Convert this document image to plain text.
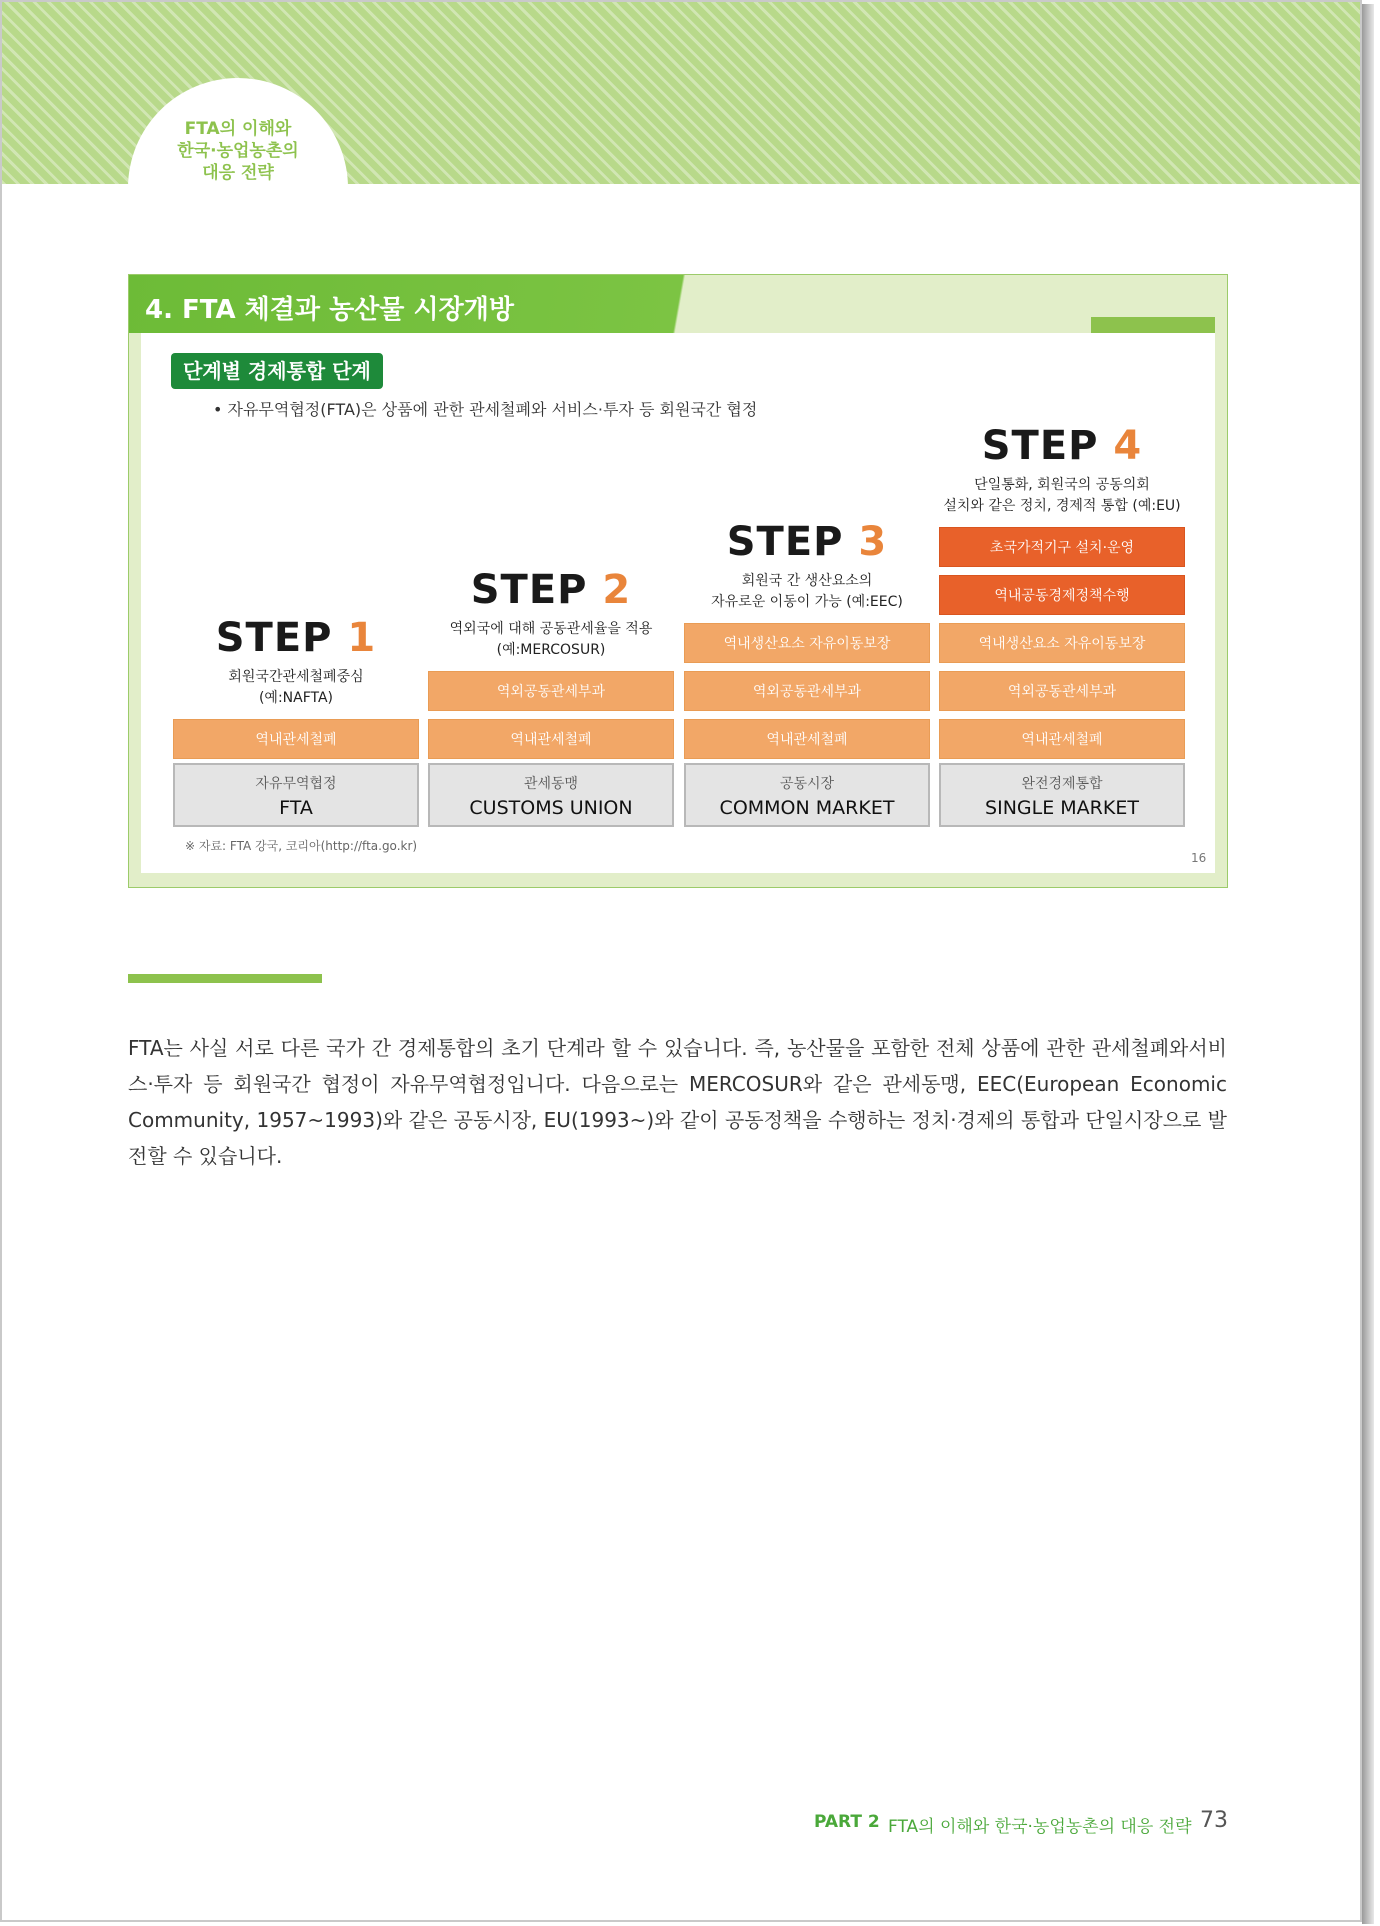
FTA의 이해와
한국·농업농촌의
대응 전략
4. FTA 체결과 농산물 시장개방
단계별 경제통합 단계
• 자유무역협정(FTA)은 상품에 관한 관세철폐와 서비스·투자 등 회원국간 협정
자유무역협정
FTA
역내관세철폐
회원국간관세철폐중심
(예:NAFTA)
STEP 1
관세동맹
CUSTOMS UNION
역외공동관세부과
역내관세철폐
역외국에 대해 공동관세율을 적용
(예:MERCOSUR)
STEP 2
공동시장
COMMON MARKET
역내생산요소 자유이동보장
역외공동관세부과
역내관세철폐
회원국 간 생산요소의
자유로운 이동이 가능 (예:EEC)
STEP 3
완전경제통합
SINGLE MARKET
초국가적기구 설치·운영
역내공동경제정책수행
역내생산요소 자유이동보장
역외공동관세부과
역내관세철폐
단일통화, 회원국의 공동의회
설치와 같은 정치, 경제적 통합 (예:EU)
STEP 4
※ 자료: FTA 강국, 코리아(http://fta.go.kr)
16
FTA는 사실 서로 다른 국가 간 경제통합의 초기 단계라 할 수 있습니다. 즉, 농산물을 포함한 전체 상품에 관한 관세철폐와서비스·투자 등 회원국간 협정이 자유무역협정입니다. 다음으로는 MERCOSUR와 같은 관세동맹, EEC(European Economic Community, 1957~1993)와 같은 공동시장, EU(1993~)와 같이 공동정책을 수행하는 정치·경제의 통합과 단일시장으로 발전할 수 있습니다.
PART 2 FTA의 이해와 한국·농업농촌의 대응 전략 73
